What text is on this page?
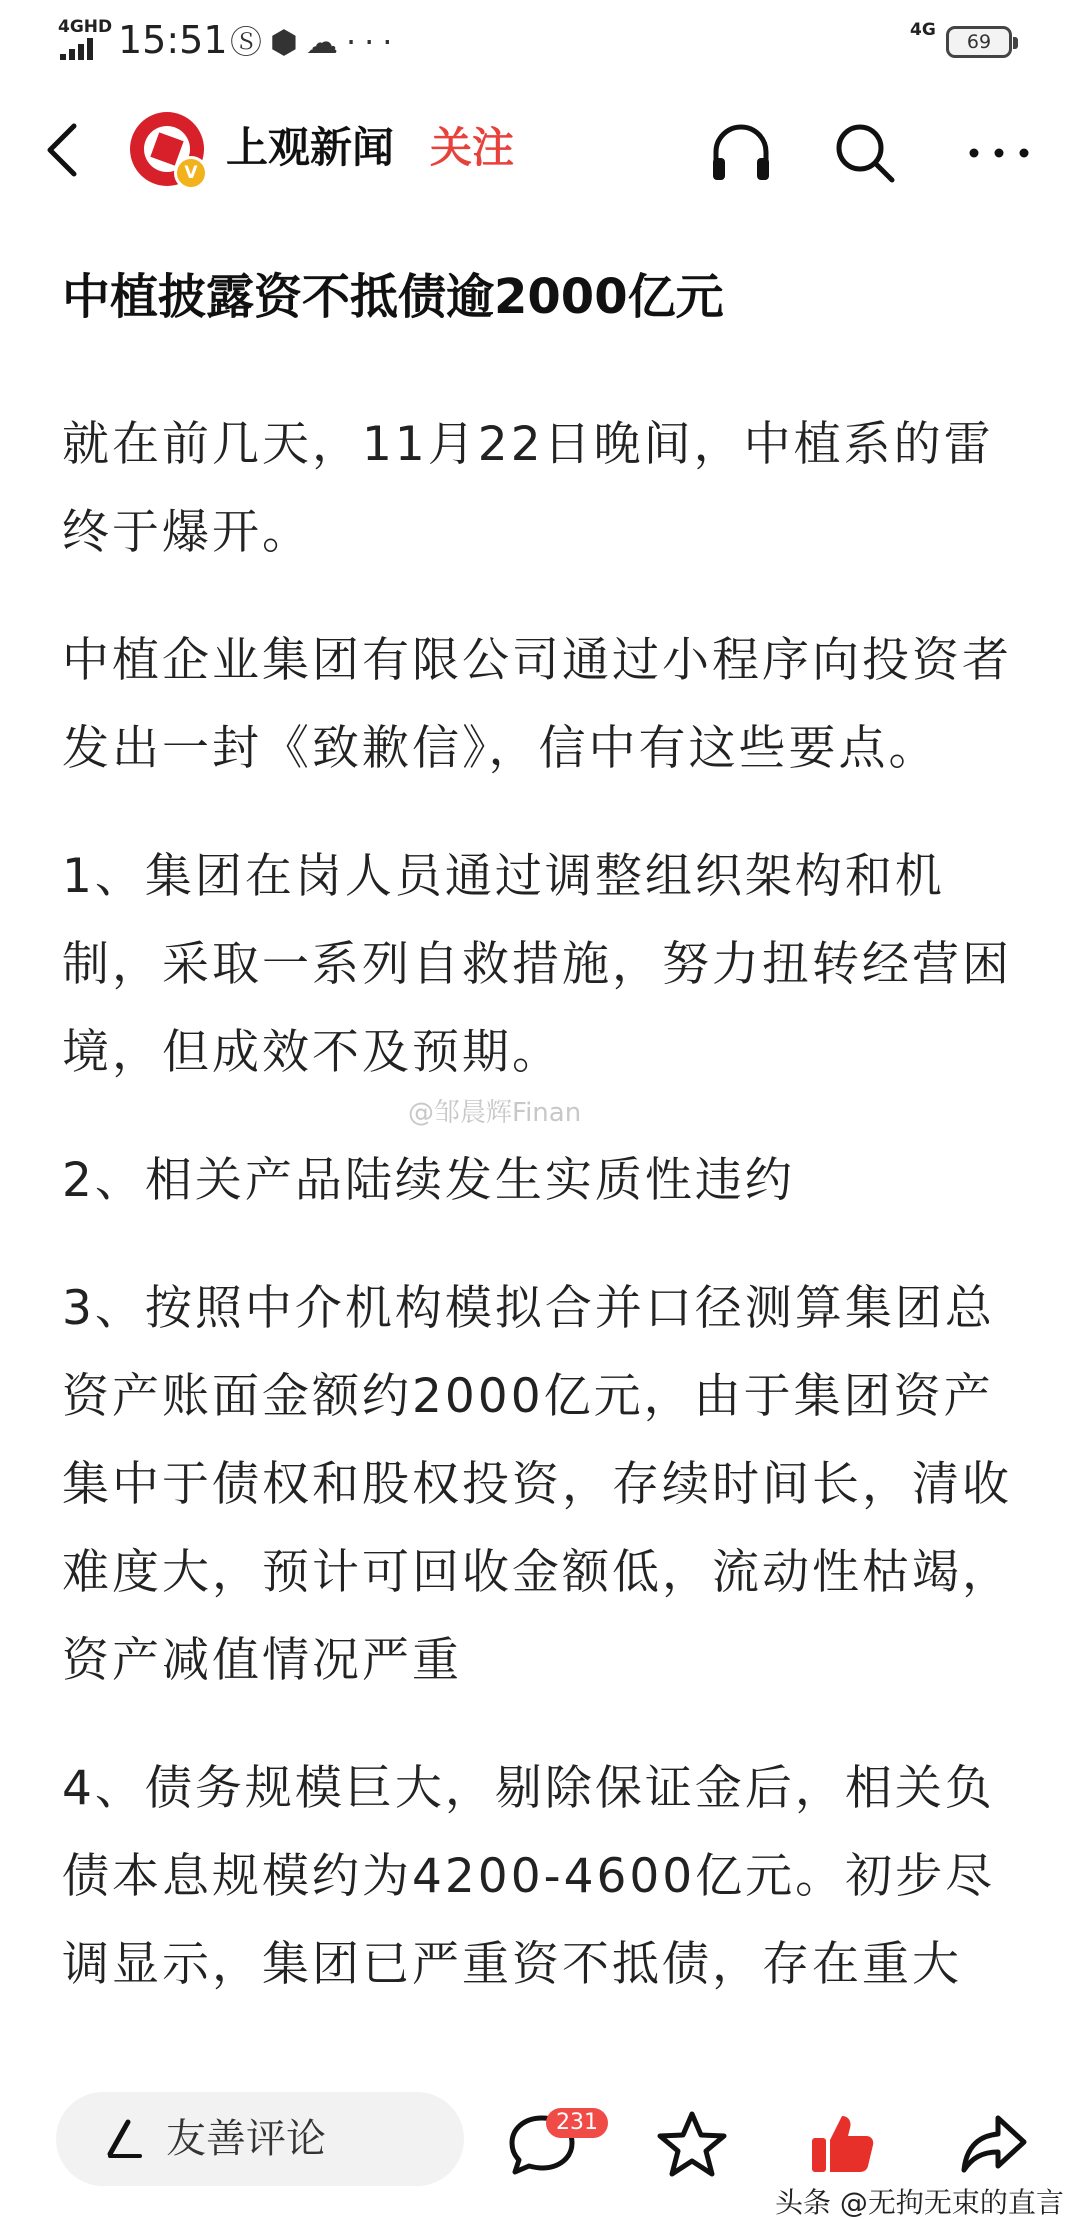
4GHD 15:51 Ⓢ⬢☁···	4G
69
V
上观新闻 关注
中植披露资不抵债逾2000亿元

就在前几天，11月22日晚间，中植系的雷终于爆开。

中植企业集团有限公司通过小程序向投资者发出一封《致歉信》，信中有这些要点。

1、集团在岗人员通过调整组织架构和机制，采取一系列自救措施，努力扭转经营困境，但成效不及预期。

2、相关产品陆续发生实质性违约

3、按照中介机构模拟合并口径测算集团总资产账面金额约2000亿元，由于集团资产集中于债权和股权投资，存续时间长，清收难度大，预计可回收金额低，流动性枯竭，资产减值情况严重

4、债务规模巨大，剔除保证金后，相关负债本息规模约为4200-4600亿元。初步尽调显示，集团已严重资不抵债，存在重大

@邹晨辉Finan
友善评论	231
头条 @无拘无束的直言
